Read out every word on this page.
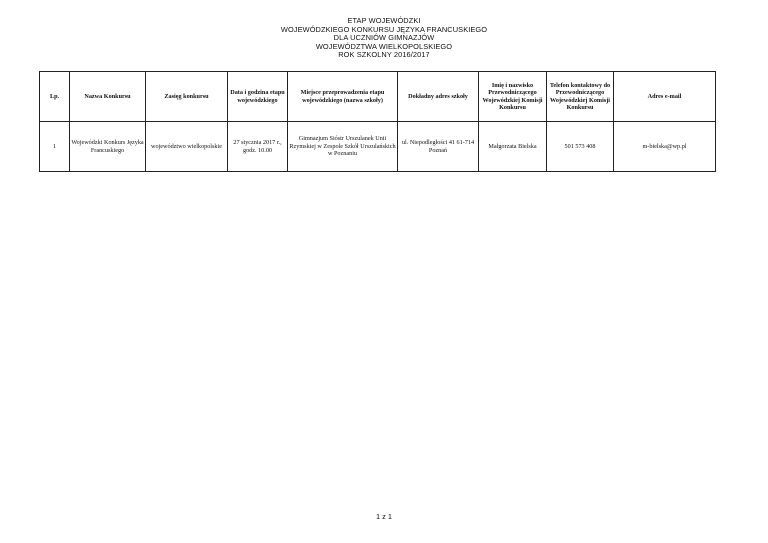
ETAP WOJEWÓDZKI
WOJEWÓDZKIEGO KONKURSU JĘZYKA FRANCUSKIEGO
DLA UCZNIÓW GIMNAZJÓW
WOJEWÓDZTWA WIELKOPOLSKIEGO
ROK SZKOLNY 2016/2017
Lp.	Nazwa Konkursu	Zasięg konkursu	Data i godzina etapu wojewódzkiego	Miejsce przeprowadzenia etapu wojewódzkiego (nazwa szkoły)	Dokładny adres szkoły	Imię i nazwisko Przewodniczącego Wojewódzkiej Komisji Konkursu	Telefon kontaktowy do Przewodniczącego Wojewódzkiej Komisji Konkursu	Adres e-mail
1	Wojewódzki Konkurs Języka Francuskiego	województwo wielkopolskie	27 stycznia 2017 r., godz. 10.00	Gimnazjum Sióstr Urszulanek Unii Rzymskiej w Zespole Szkół Urszulańskich w Poznaniu	ul. Niepodległości 41 61-714 Poznań	Małgorzata Bielska	501 573 408	m-bielska@wp.pl
1 z 1
